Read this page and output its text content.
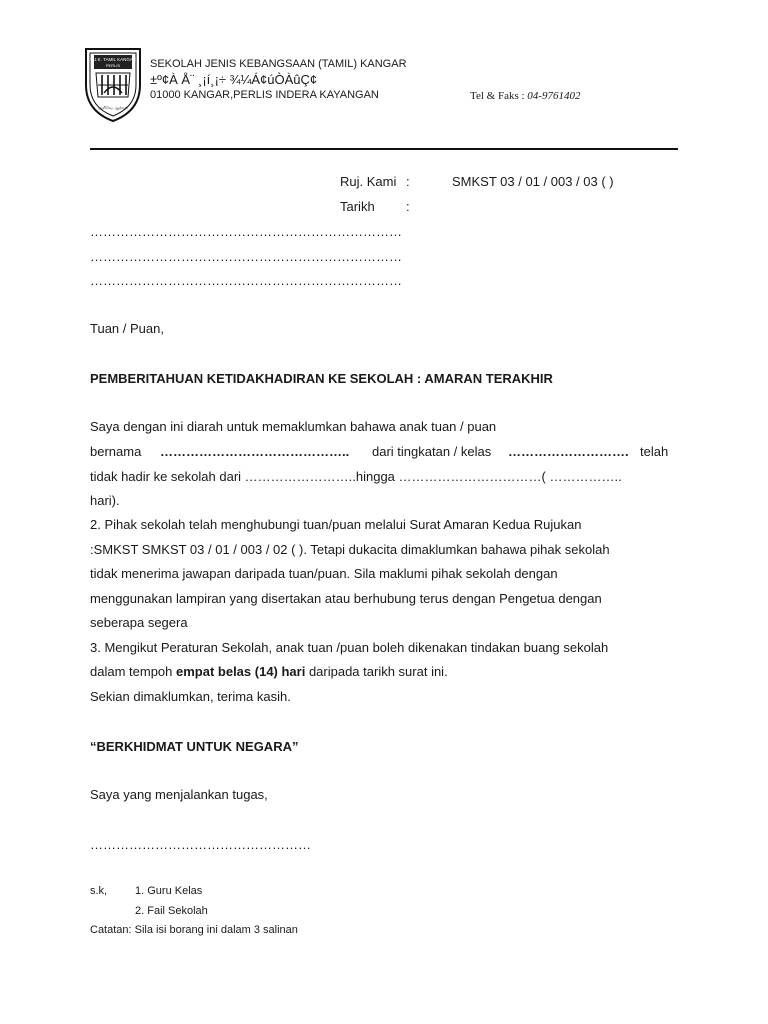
S.J.K. TAMIL KANGAR
PERLIS
அறிவே ஆற்றல்
SEKOLAH JENIS KEBANGSAAN (TAMIL) KANGAR
±º¢À Å¨ ¸¡í¸¡÷ ¾¼Á¢úÒÀûÇ¢
01000 KANGAR,PERLIS INDERA KAYANGAN	Tel & Faks : 04-9761402
Ruj. Kami :	SMKST 03 / 01 / 003 / 03 ( )
Tarikh :
………………………………………………………………
………………………………………………………………
………………………………………………………………
Tuan / Puan,
PEMBERITAHUAN KETIDAKHADIRAN KE SEKOLAH : AMARAN TERAKHIR
Saya dengan ini diarah untuk memaklumkan bahawa anak tuan / puan
bernama …………………………………….. dari tingkatan / kelas ………………………. telah
tidak hadir ke sekolah dari ……………………..hingga ……………………………( ……………..
hari).
2. Pihak sekolah telah menghubungi tuan/puan melalui Surat Amaran Kedua Rujukan
:SMKST SMKST 03 / 01 / 003 / 02 ( ). Tetapi dukacita dimaklumkan bahawa pihak sekolah
tidak menerima jawapan daripada tuan/puan. Sila maklumi pihak sekolah dengan
menggunakan lampiran yang disertakan atau berhubung terus dengan Pengetua dengan
seberapa segera
3. Mengikut Peraturan Sekolah, anak tuan /puan boleh dikenakan tindakan buang sekolah
dalam tempoh empat belas (14) hari daripada tarikh surat ini.
Sekian dimaklumkan, terima kasih.
“BERKHIDMAT UNTUK NEGARA”
Saya yang menjalankan tugas,
……………………………………………
s.k,	1. Guru Kelas
2. Fail Sekolah
Catatan: Sila isi borang ini dalam 3 salinan
